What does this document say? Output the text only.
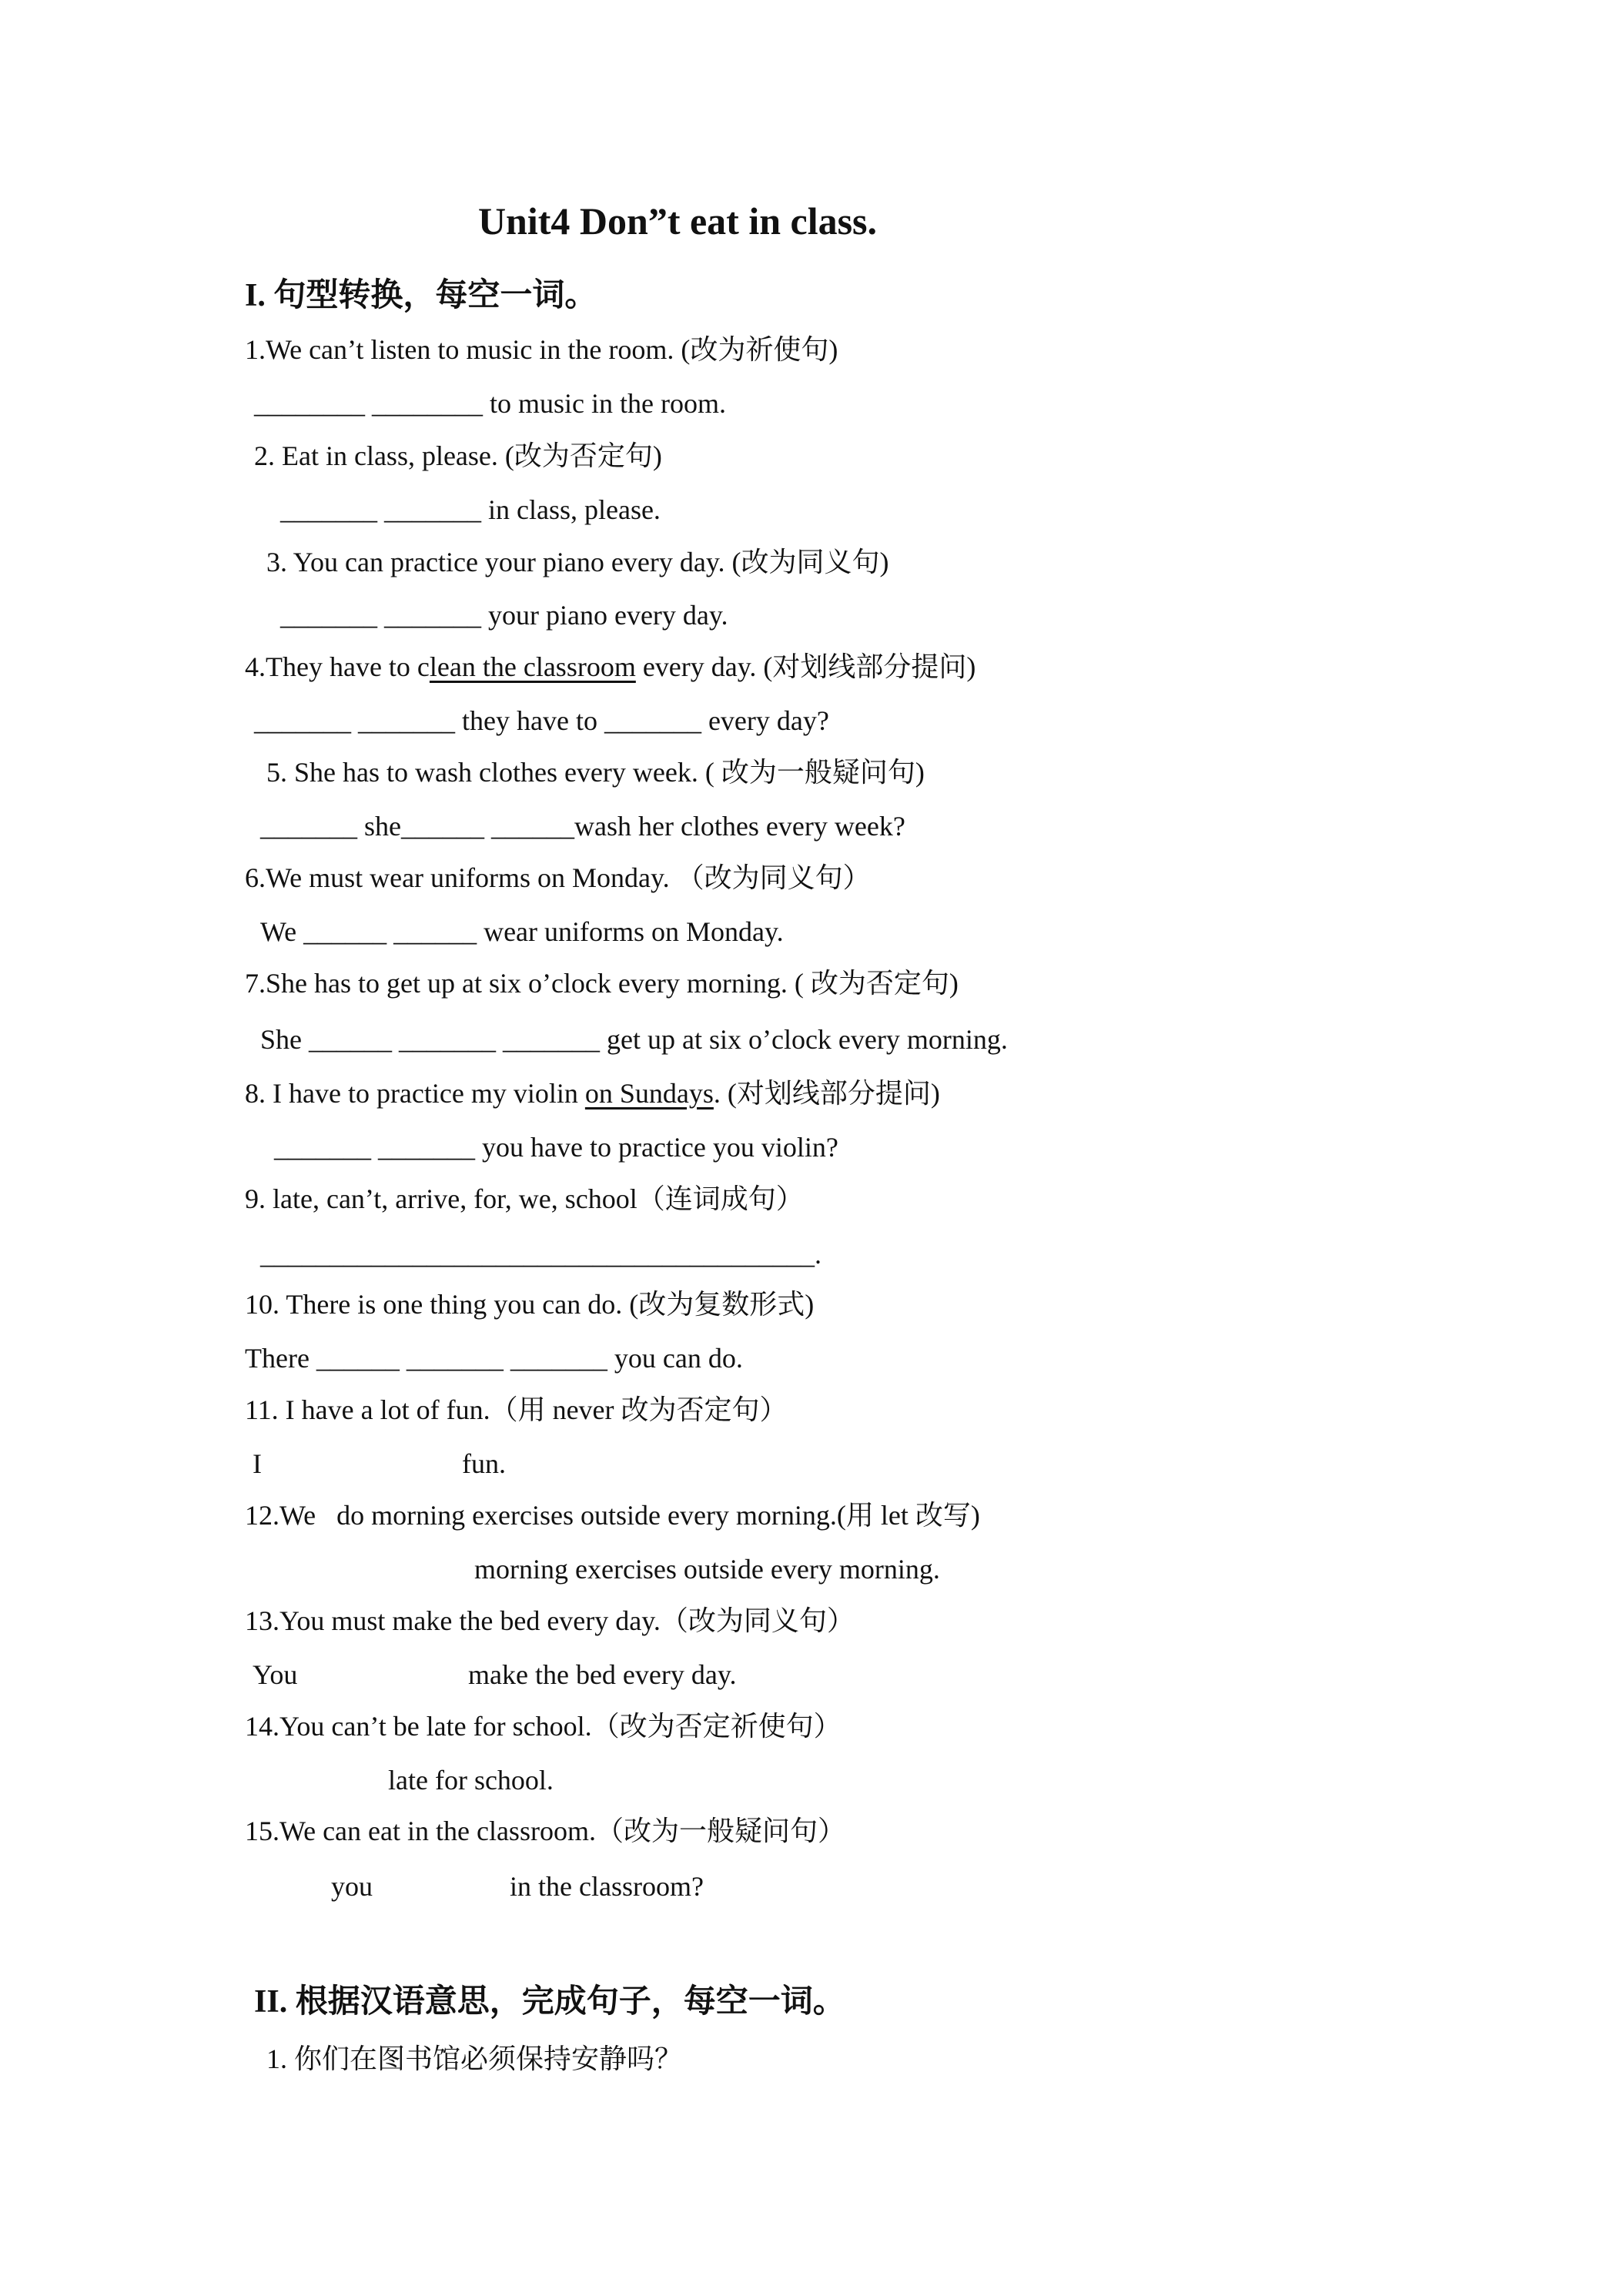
Unit4 Don”t eat in class.
I. 句型转换，每空一词。
1.We can’t listen to music in the room. (改为祈使句)
________ ________ to music in the room.
2. Eat in class, please. (改为否定句)
_______ _______ in class, please.
3. You can practice your piano every day. (改为同义句)
_______ _______ your piano every day.
4.They have to clean the classroom every day. (对划线部分提问)
_______ _______ they have to _______ every day?
5. She has to wash clothes every week. ( 改为一般疑问句)
_______ she______ ______wash her clothes every week?
6.We must wear uniforms on Monday. （改为同义句）
We ______ ______ wear uniforms on Monday.
7.She has to get up at six o’clock every morning. ( 改为否定句)
She ______ _______ _______ get up at six o’clock every morning.
8. I have to practice my violin on Sundays. (对划线部分提问)
_______ _______ you have to practice you violin?
9. late, can’t, arrive, for, we, school（连词成句）
________________________________________.
10. There is one thing you can do. (改为复数形式)
There ______ _______ _______ you can do.
11. I have a lot of fun.（用 never 改为否定句）
I	fun.
12.We   do morning exercises outside every morning.(用 let 改写)
morning exercises outside every morning.
13.You must make the bed every day.（改为同义句）
You	make the bed every day.
14.You can’t be late for school.（改为否定祈使句）
late for school.
15.We can eat in the classroom.（改为一般疑问句）
you	in the classroom?
II. 根据汉语意思，完成句子，每空一词。
1. 你们在图书馆必须保持安静吗？
